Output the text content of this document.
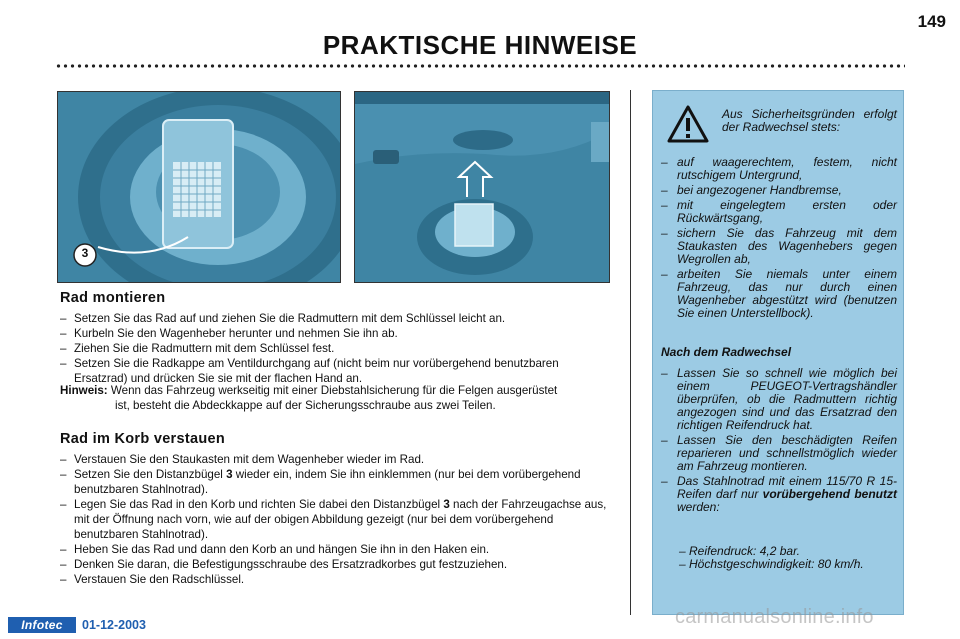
149
PRAKTISCHE HINWEISE
3
Rad montieren
– Setzen Sie das Rad auf und ziehen Sie die Radmuttern mit dem Schlüssel leicht an.
– Kurbeln Sie den Wagenheber herunter und nehmen Sie ihn ab.
– Ziehen Sie die Radmuttern mit dem Schlüssel fest.
– Setzen Sie die Radkappe am Ventildurchgang auf (nicht beim nur vorübergehend benutzbaren Ersatzrad) und drücken Sie sie mit der flachen Hand an.
Hinweis: Wenn das Fahrzeug werkseitig mit einer Diebstahlsicherung für die Felgen ausgerüstet
ist, besteht die Abdeckkappe auf der Sicherungsschraube aus zwei Teilen.
Rad im Korb verstauen
– Verstauen Sie den Staukasten mit dem Wagenheber wieder im Rad.
– Setzen Sie den Distanzbügel 3 wieder ein, indem Sie ihn einklemmen (nur bei dem vorübergehend benutzbaren Stahlnotrad).
– Legen Sie das Rad in den Korb und richten Sie dabei den Distanzbügel 3 nach der Fahrzeugachse aus, mit der Öffnung nach vorn, wie auf der obigen Abbildung gezeigt (nur bei dem vorübergehend benutzbaren Stahlnotrad).
– Heben Sie das Rad und dann den Korb an und hängen Sie ihn in den Haken ein.
– Denken Sie daran, die Befestigungsschraube des Ersatzradkorbes gut festzuziehen.
– Verstauen Sie den Radschlüssel.
Aus Sicherheitsgründen erfolgt der Radwechsel stets:
– auf waagerechtem, festem, nicht rutschigem Untergrund,
– bei angezogener Handbremse,
– mit eingelegtem ersten oder Rückwärtsgang,
– sichern Sie das Fahrzeug mit dem Staukasten des Wagenhebers gegen Wegrollen ab,
– arbeiten Sie niemals unter einem Fahrzeug, das nur durch einen Wagenheber abgestützt wird (benutzen Sie einen Unterstellbock).
Nach dem Radwechsel
– Lassen Sie so schnell wie möglich bei einem PEUGEOT-Vertragshändler überprüfen, ob die Radmuttern richtig angezogen sind und das Ersatzrad den richtigen Reifendruck hat.
– Lassen Sie den beschädigten Reifen reparieren und schnellstmöglich wieder am Fahrzeug montieren.
– Das Stahlnotrad mit einem 115/70 R 15-Reifen darf nur vorübergehend benutzt werden:
– Reifendruck: 4,2 bar.
– Höchstgeschwindigkeit: 80 km/h.
Infotec	01-12-2003	carmanualsonline.info
